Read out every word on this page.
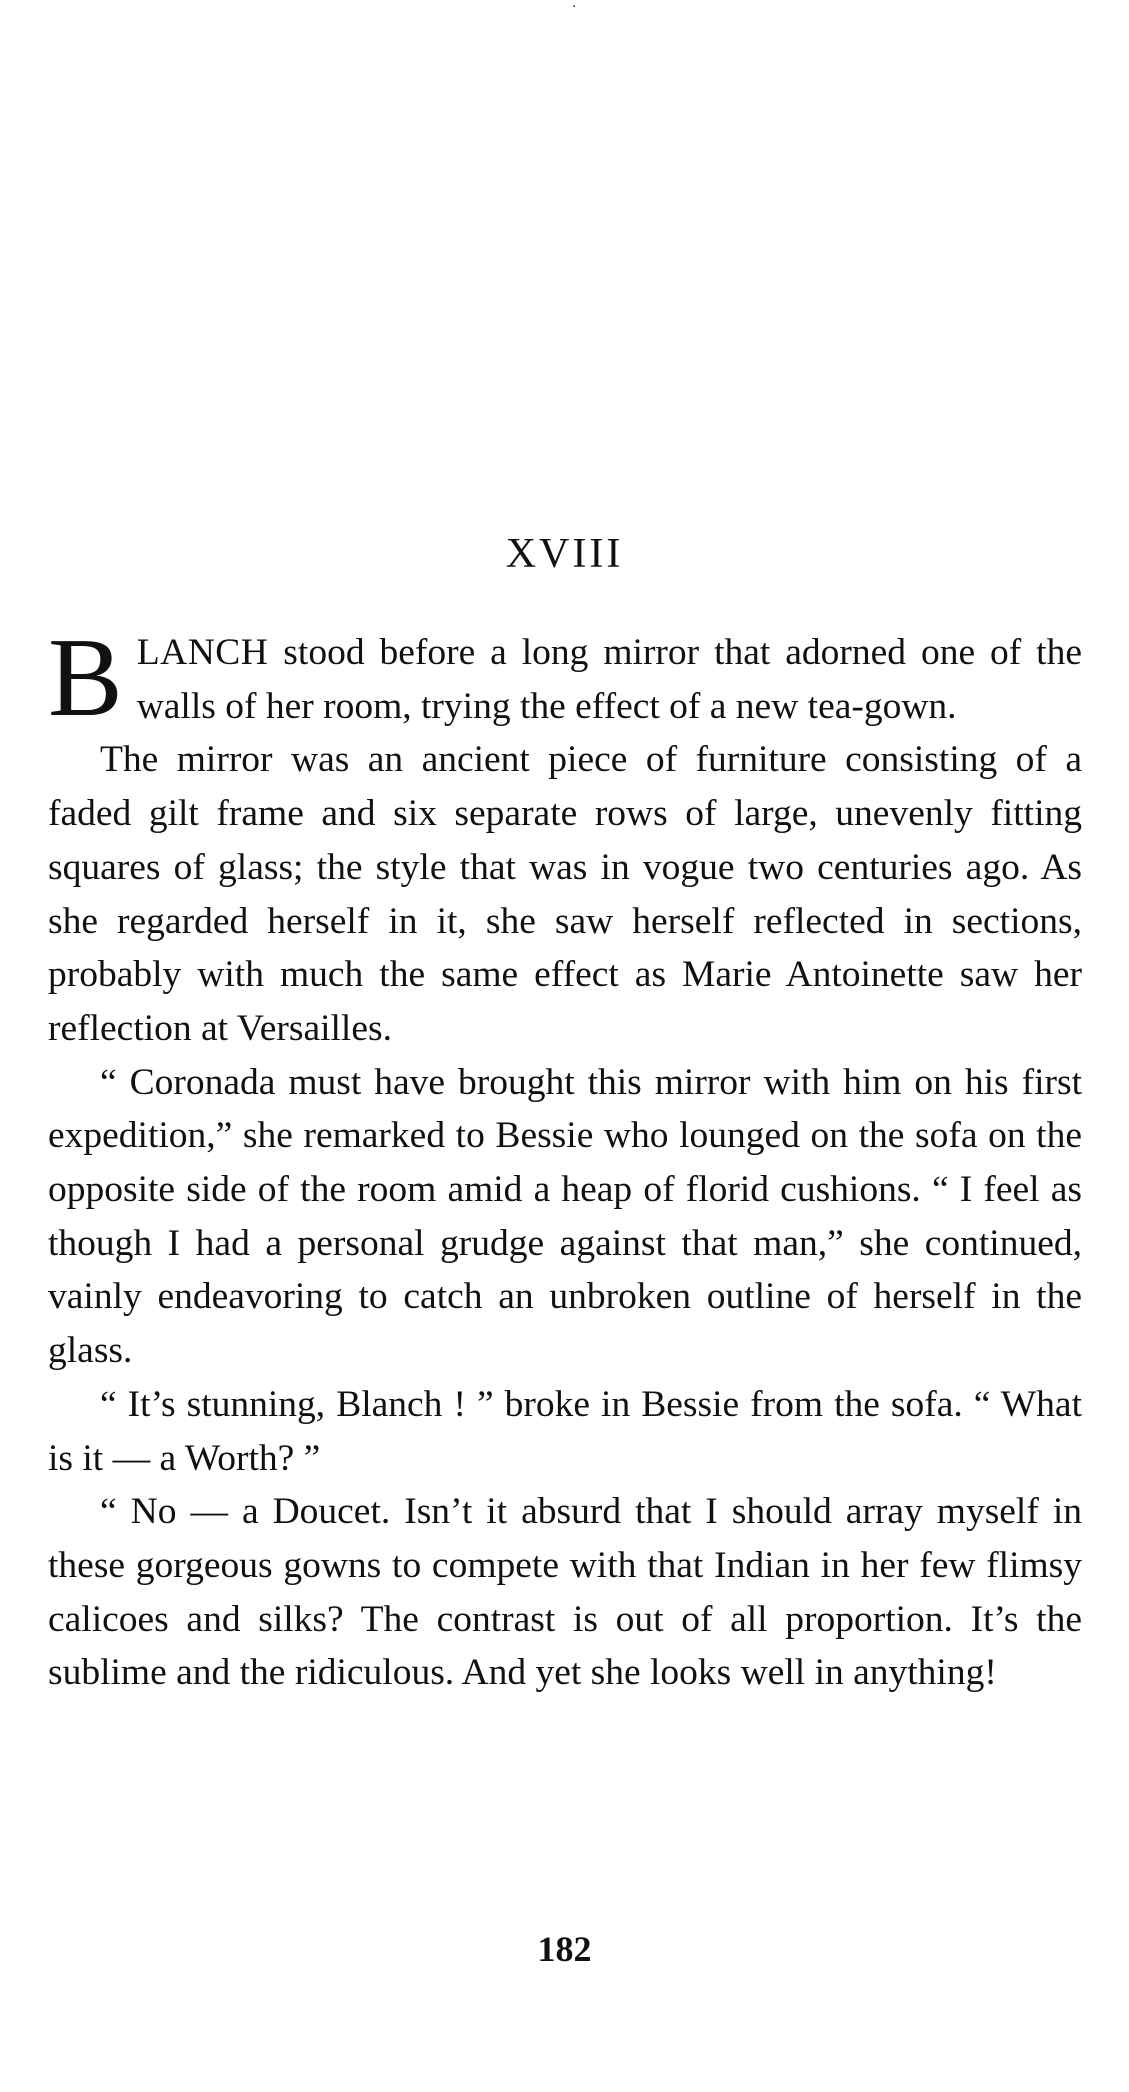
·
XVIII

BLANCH stood before a long mirror that adorned one of the walls of her room, trying the effect of a new tea-gown.

The mirror was an ancient piece of furniture consisting of a faded gilt frame and six separate rows of large, unevenly fitting squares of glass; the style that was in vogue two centuries ago. As she regarded herself in it, she saw herself reflected in sections, probably with much the same effect as Marie Antoinette saw her reflection at Versailles.

“ Coronada must have brought this mirror with him on his first expedition,” she remarked to Bessie who lounged on the sofa on the opposite side of the room amid a heap of florid cushions. “ I feel as though I had a personal grudge against that man,” she continued, vainly endeavoring to catch an unbroken outline of herself in the glass.

“ It’s stunning, Blanch ! ” broke in Bessie from the sofa. “ What is it — a Worth? ”

“ No — a Doucet. Isn’t it absurd that I should array myself in these gorgeous gowns to compete with that Indian in her few flimsy calicoes and silks? The contrast is out of all proportion. It’s the sublime and the ridiculous. And yet she looks well in anything!

182
